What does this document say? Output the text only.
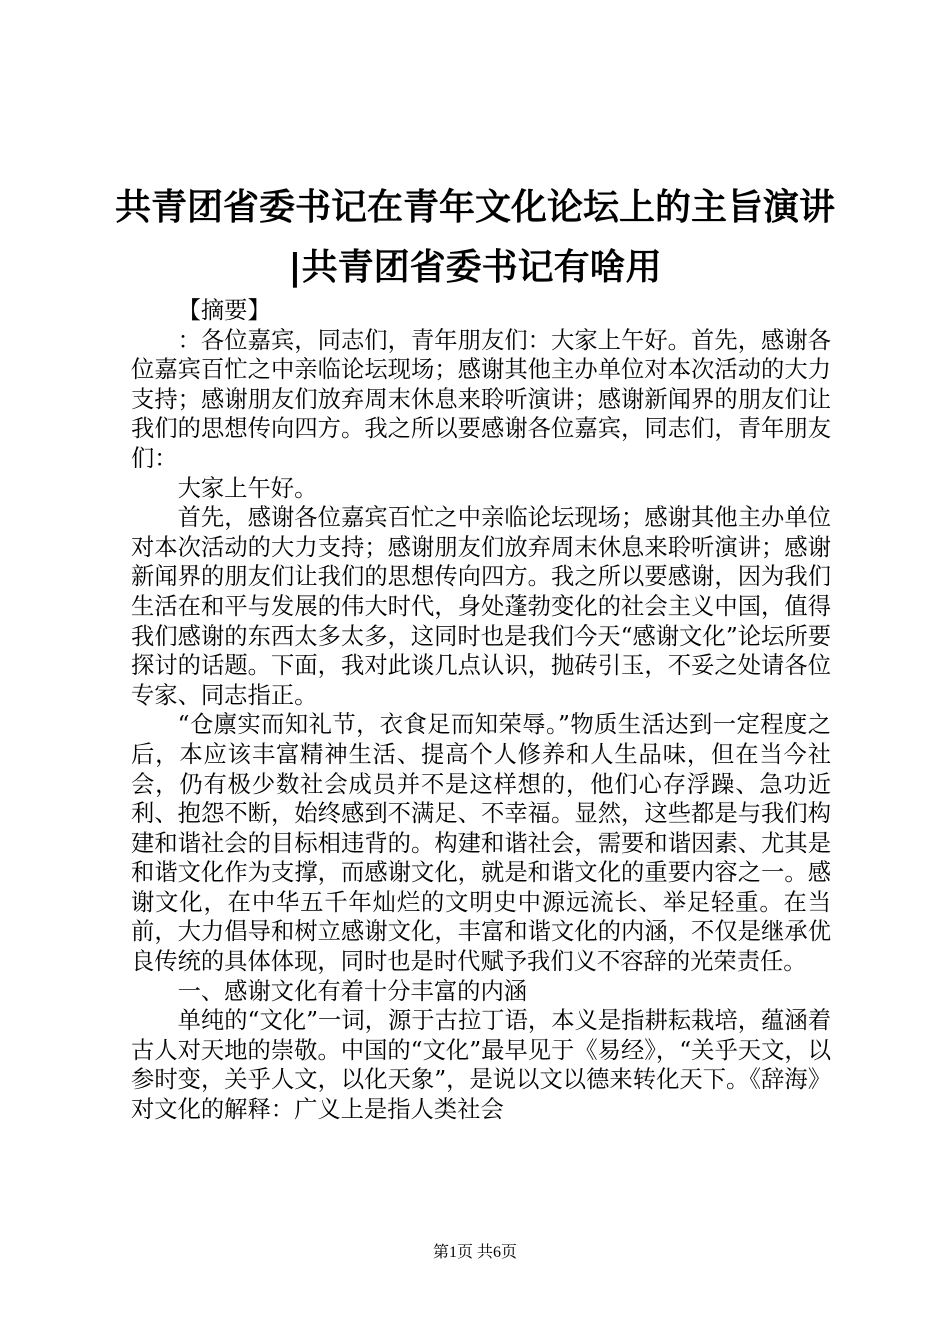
共青团省委书记在青年文化论坛上的主旨演讲
|共青团省委书记有啥用

【摘要】

：各位嘉宾，同志们，青年朋友们：大家上午好。首先，感谢各位嘉宾百忙之中亲临论坛现场；感谢其他主办单位对本次活动的大力支持；感谢朋友们放弃周末休息来聆听演讲；感谢新闻界的朋友们让我们的思想传向四方。我之所以要感谢各位嘉宾，同志们，青年朋友们：

大家上午好。

首先，感谢各位嘉宾百忙之中亲临论坛现场；感谢其他主办单位对本次活动的大力支持；感谢朋友们放弃周末休息来聆听演讲；感谢新闻界的朋友们让我们的思想传向四方。我之所以要感谢，因为我们生活在和平与发展的伟大时代，身处蓬勃变化的社会主义中国，值得我们感谢的东西太多太多，这同时也是我们今天“感谢文化”论坛所要探讨的话题。下面，我对此谈几点认识，抛砖引玉，不妥之处请各位专家、同志指正。

“仓廪实而知礼节，衣食足而知荣辱。”物质生活达到一定程度之后，本应该丰富精神生活、提高个人修养和人生品味，但在当今社会，仍有极少数社会成员并不是这样想的，他们心存浮躁、急功近利、抱怨不断，始终感到不满足、不幸福。显然，这些都是与我们构建和谐社会的目标相违背的。构建和谐社会，需要和谐因素、尤其是和谐文化作为支撑，而感谢文化，就是和谐文化的重要内容之一。感谢文化，在中华五千年灿烂的文明史中源远流长、举足轻重。在当前，大力倡导和树立感谢文化，丰富和谐文化的内涵，不仅是继承优良传统的具体体现，同时也是时代赋予我们义不容辞的光荣责任。

一、感谢文化有着十分丰富的内涵

单纯的“文化”一词，源于古拉丁语，本义是指耕耘栽培，蕴涵着古人对天地的崇敬。中国的“文化”最早见于《易经》，“关乎天文，以参时变，关乎人文，以化天象”，是说以文以德来转化天下。《辞海》对文化的解释：广义上是指人类社会

第1页 共6页
